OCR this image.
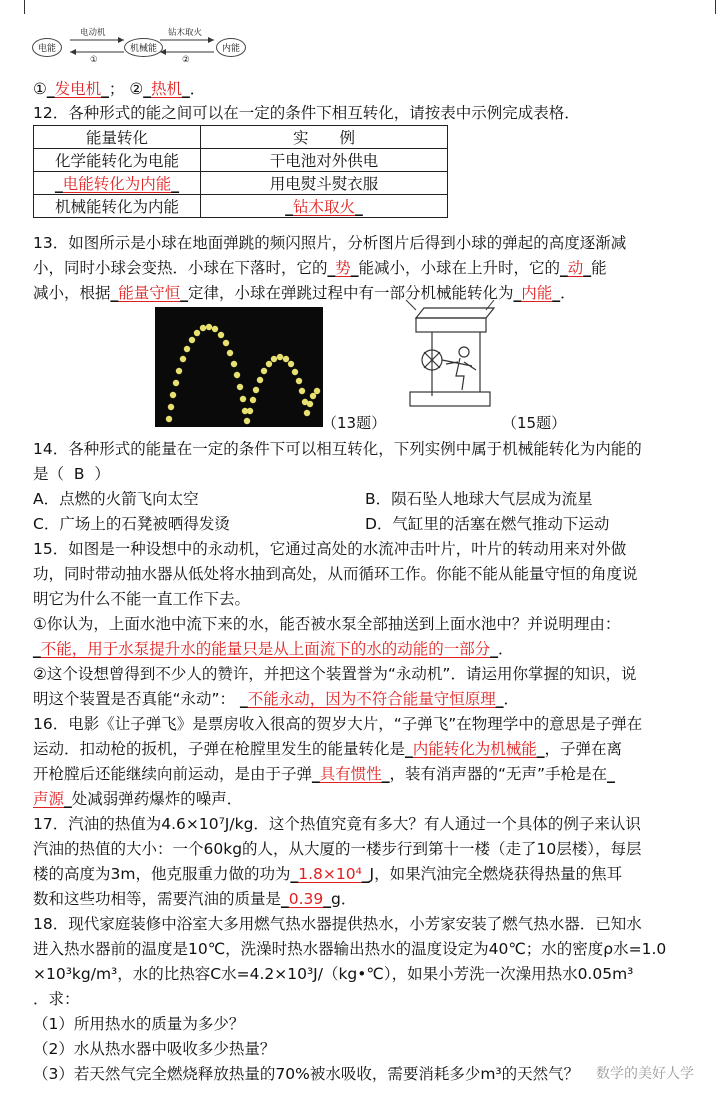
电能	机械能	内能
电动机
①
钻木取火
②
①_发电机_； ②_热机_．
12．各种形式的能之间可以在一定的条件下相互转化，请按表中示例完成表格．
能量转化	实　　例
化学能转化为电能	干电池对外供电
_电能转化为内能_	用电熨斗熨衣服
机械能转化为内能	_钻木取火_
13．如图所示是小球在地面弹跳的频闪照片，分析图片后得到小球的弹起的高度逐渐减
小，同时小球会变热．小球在下落时，它的_势_能减小，小球在上升时，它的_动_能
减小，根据_能量守恒_定律，小球在弹跳过程中有一部分机械能转化为_内能_．
（13题）	（15题）
14．各种形式的能量在一定的条件下可以相互转化，下列实例中属于机械能转化为内能的
是（ B ）
A．点燃的火箭飞向太空	B．陨石坠人地球大气层成为流星
C．广场上的石凳被晒得发烫	D．气缸里的活塞在燃气推动下运动
15．如图是一种设想中的永动机，它通过高处的水流冲击叶片，叶片的转动用来对外做
功，同时带动抽水器从低处将水抽到高处，从而循环工作。你能不能从能量守恒的角度说
明它为什么不能一直工作下去。
①你认为，上面水池中流下来的水，能否被水泵全部抽送到上面水池中？并说明理由：
_不能，用于水泵提升水的能量只是从上面流下的水的动能的一部分_．
②这个设想曾得到不少人的赞许，并把这个装置誉为“永动机”．请运用你掌握的知识，说
明这个装置是否真能“永动”： _不能永动，因为不符合能量守恒原理_．
16．电影《让子弹飞》是票房收入很高的贺岁大片，“子弹飞”在物理学中的意思是子弹在
运动．扣动枪的扳机，子弹在枪膛里发生的能量转化是_内能转化为机械能_，子弹在离
开枪膛后还能继续向前运动，是由于子弹_具有惯性_，装有消声器的“无声”手枪是在_
声源_处减弱弹药爆炸的噪声．
17．汽油的热值为4.6×10⁷J/kg．这个热值究竟有多大？有人通过一个具体的例子来认识
汽油的热值的大小：一个60kg的人，从大厦的一楼步行到第十一楼（走了10层楼），每层
楼的高度为3m，他克服重力做的功为_1.8×10⁴_J，如果汽油完全燃烧获得热量的焦耳
数和这些功相等，需要汽油的质量是_0.39_g．
18．现代家庭装修中浴室大多用燃气热水器提供热水，小芳家安装了燃气热水器．已知水
进入热水器前的温度是10℃，洗澡时热水器输出热水的温度设定为40℃；水的密度ρ水=1.0
×10³kg/m³，水的比热容C水=4.2×10³J/（kg•℃），如果小芳洗一次澡用热水0.05m³
．求：
（1）所用热水的质量为多少？
（2）水从热水器中吸收多少热量？
（3）若天然气完全燃烧释放热量的70%被水吸收，需要消耗多少m³的天然气？	数学的美好人学
